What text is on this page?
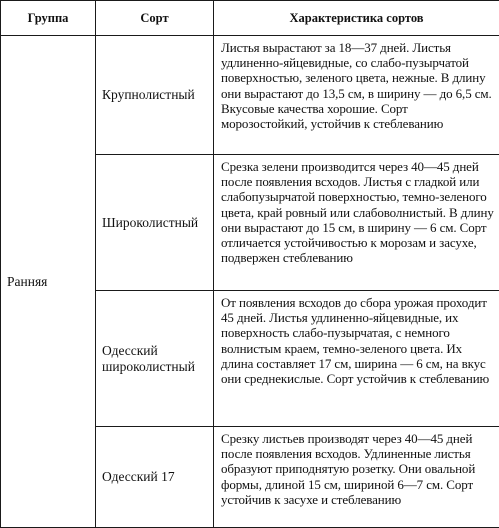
Группа	Сорт	Характеристика сортов
Ранняя	Крупнолистный	Листья вырастают за 18—37 дней. Листья удлиненно-яйцевидные, со слабо-пузырчатой поверхностью, зеленого цвета, нежные. В длину они вырастают до 13,5 см, в ширину — до 6,5 см. Вкусовые качества хорошие. Сорт морозостойкий, устойчив к стеблеванию
	Широколистный	Срезка зелени производится через 40—45 дней после появления всходов. Листья с гладкой или слабопузырчатой поверхностью, темно-зеленого цвета, край ровный или слабоволнистый. В длину они вырастают до 15 см, в ширину — 6 см. Сорт отличается устойчивостью к морозам и засухе, подвержен стеблеванию
	Одесский широколистный	От появления всходов до сбора урожая проходит 45 дней. Листья удлиненно-яйцевидные, их поверхность слабо-пузырчатая, с немного волнистым краем, темно-зеленого цвета. Их длина составляет 17 см, ширина — 6 см, на вкус они среднекислые. Сорт устойчив к стеблеванию
	Одесский 17	Срезку листьев производят через 40—45 дней после появления всходов. Удлиненные листья образуют приподнятую розетку. Они овальной формы, длиной 15 см, шириной 6—7 см. Сорт устойчив к засухе и стеблеванию
